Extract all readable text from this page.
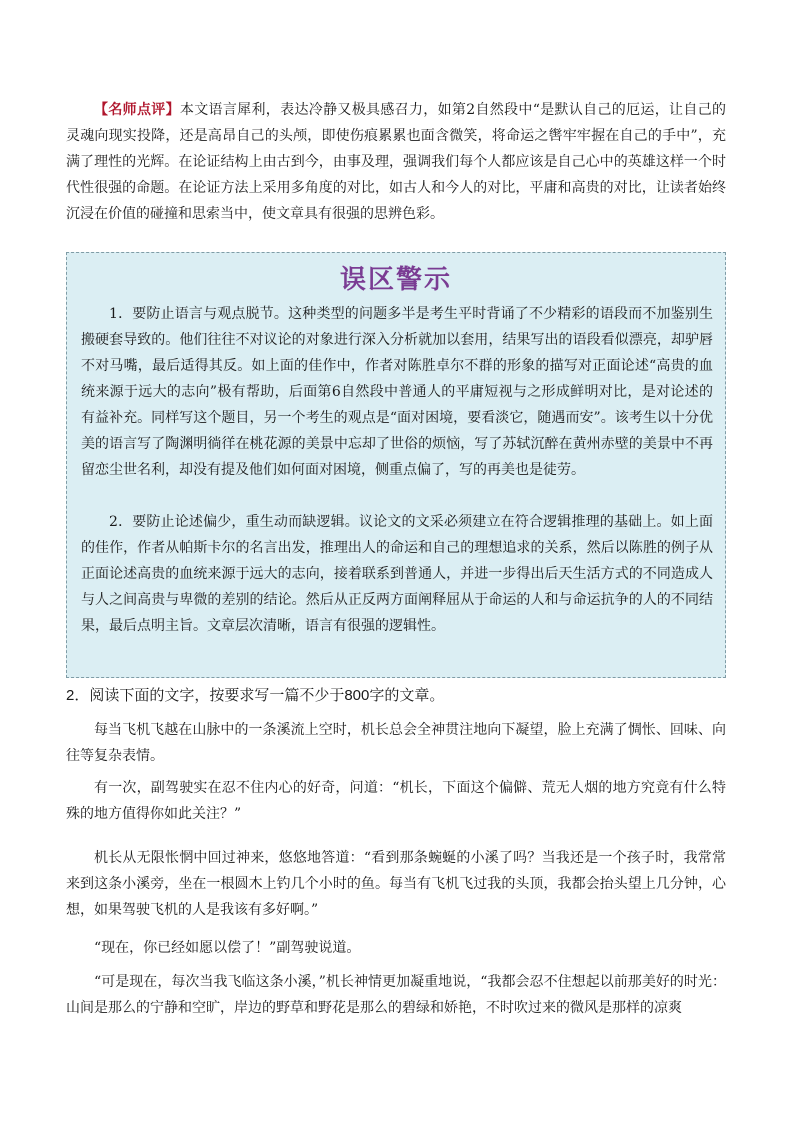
【名师点评】本文语言犀利，表达冷静又极具感召力，如第2自然段中“是默认自己的厄运，让自己的灵魂向现实投降，还是高昂自己的头颅，即使伤痕累累也面含微笑，将命运之辔牢牢握在自己的手中”，充满了理性的光辉。在论证结构上由古到今，由事及理，强调我们每个人都应该是自己心中的英雄这样一个时代性很强的命题。在论证方法上采用多角度的对比，如古人和今人的对比，平庸和高贵的对比，让读者始终沉浸在价值的碰撞和思索当中，使文章具有很强的思辨色彩。

误区警示

1．要防止语言与观点脱节。这种类型的问题多半是考生平时背诵了不少精彩的语段而不加鉴别生搬硬套导致的。他们往往不对议论的对象进行深入分析就加以套用，结果写出的语段看似漂亮，却驴唇不对马嘴，最后适得其反。如上面的佳作中，作者对陈胜卓尔不群的形象的描写对正面论述“高贵的血统来源于远大的志向”极有帮助，后面第6自然段中普通人的平庸短视与之形成鲜明对比，是对论述的有益补充。同样写这个题目，另一个考生的观点是“面对困境，要看淡它，随遇而安”。该考生以十分优美的语言写了陶渊明徜徉在桃花源的美景中忘却了世俗的烦恼，写了苏轼沉醉在黄州赤壁的美景中不再留恋尘世名利，却没有提及他们如何面对困境，侧重点偏了，写的再美也是徒劳。

2．要防止论述偏少，重生动而缺逻辑。议论文的文采必须建立在符合逻辑推理的基础上。如上面的佳作，作者从帕斯卡尔的名言出发，推理出人的命运和自己的理想追求的关系，然后以陈胜的例子从正面论述高贵的血统来源于远大的志向，接着联系到普通人，并进一步得出后天生活方式的不同造成人与人之间高贵与卑微的差别的结论。然后从正反两方面阐释屈从于命运的人和与命运抗争的人的不同结果，最后点明主旨。文章层次清晰，语言有很强的逻辑性。

2．阅读下面的文字，按要求写一篇不少于800字的文章。

每当飞机飞越在山脉中的一条溪流上空时，机长总会全神贯注地向下凝望，脸上充满了惆怅、回味、向往等复杂表情。

有一次，副驾驶实在忍不住内心的好奇，问道：“机长，下面这个偏僻、荒无人烟的地方究竟有什么特殊的地方值得你如此关注？”

机长从无限怅惘中回过神来，悠悠地答道：“看到那条蜿蜒的小溪了吗？当我还是一个孩子时，我常常来到这条小溪旁，坐在一根圆木上钓几个小时的鱼。每当有飞机飞过我的头顶，我都会抬头望上几分钟，心想，如果驾驶飞机的人是我该有多好啊。”

“现在，你已经如愿以偿了！”副驾驶说道。

“可是现在，每次当我飞临这条小溪，”机长神情更加凝重地说，“我都会忍不住想起以前那美好的时光：山间是那么的宁静和空旷，岸边的野草和野花是那么的碧绿和娇艳，不时吹过来的微风是那样的凉爽
